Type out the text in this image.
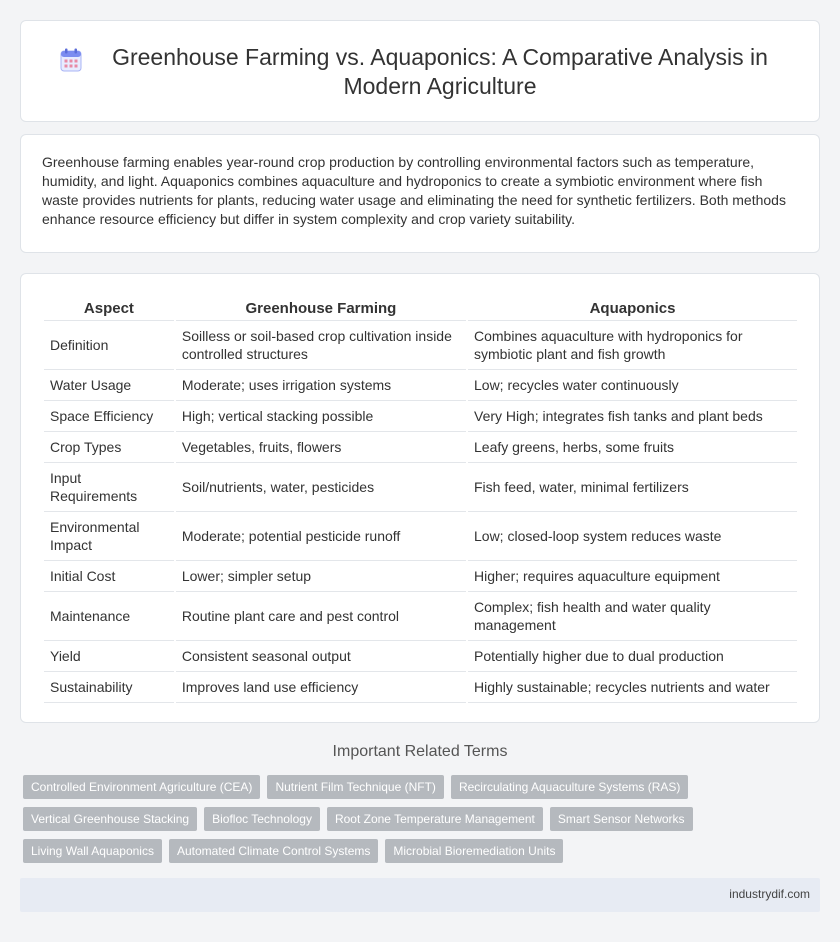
Greenhouse Farming vs. Aquaponics: A Comparative Analysis in Modern Agriculture

Greenhouse farming enables year-round crop production by controlling environmental factors such as temperature, humidity, and light. Aquaponics combines aquaculture and hydroponics to create a symbiotic environment where fish waste provides nutrients for plants, reducing water usage and eliminating the need for synthetic fertilizers. Both methods enhance resource efficiency but differ in system complexity and crop variety suitability.

Aspect	Greenhouse Farming	Aquaponics
Definition	Soilless or soil-based crop cultivation inside controlled structures	Combines aquaculture with hydroponics for symbiotic plant and fish growth
Water Usage	Moderate; uses irrigation systems	Low; recycles water continuously
Space Efficiency	High; vertical stacking possible	Very High; integrates fish tanks and plant beds
Crop Types	Vegetables, fruits, flowers	Leafy greens, herbs, some fruits
Input Requirements	Soil/nutrients, water, pesticides	Fish feed, water, minimal fertilizers
Environmental Impact	Moderate; potential pesticide runoff	Low; closed-loop system reduces waste
Initial Cost	Lower; simpler setup	Higher; requires aquaculture equipment
Maintenance	Routine plant care and pest control	Complex; fish health and water quality management
Yield	Consistent seasonal output	Potentially higher due to dual production
Sustainability	Improves land use efficiency	Highly sustainable; recycles nutrients and water
Important Related Terms
Controlled Environment Agriculture (CEA)	Nutrient Film Technique (NFT)	Recirculating Aquaculture Systems (RAS)
Vertical Greenhouse Stacking	Biofloc Technology	Root Zone Temperature Management	Smart Sensor Networks
Living Wall Aquaponics	Automated Climate Control Systems	Microbial Bioremediation Units
industrydif.com
